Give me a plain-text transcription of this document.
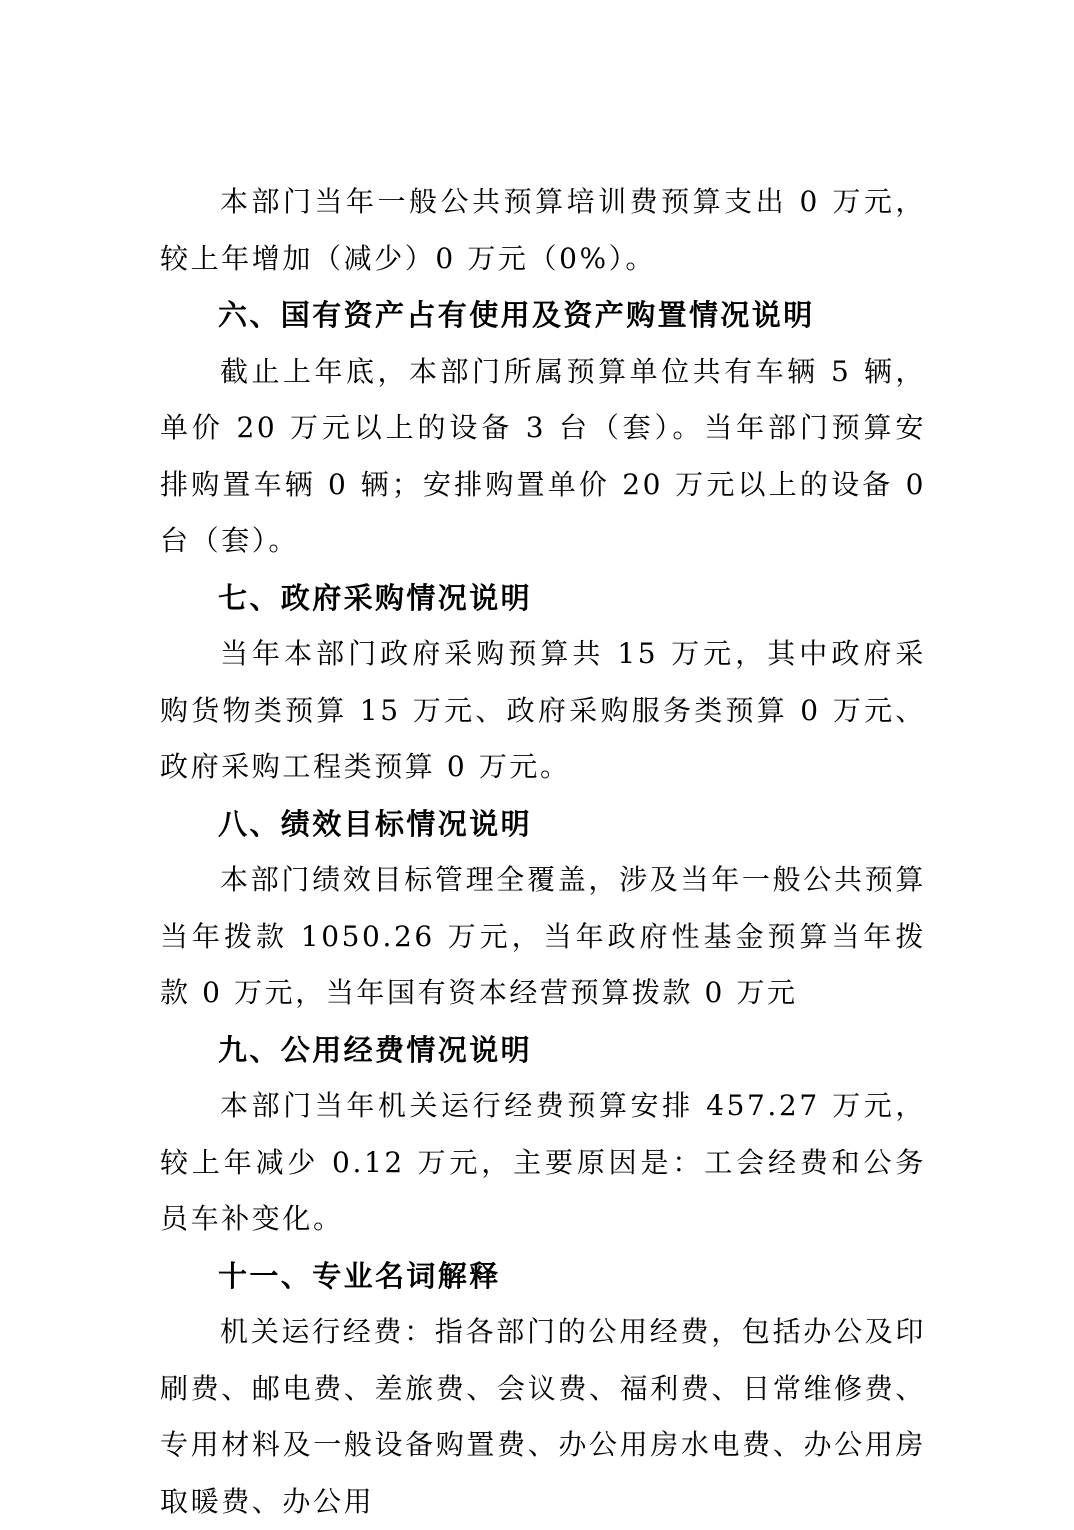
本部门当年一般公共预算培训费预算支出 0 万元，较上年增加（减少）0 万元（0%）。

六、国有资产占有使用及资产购置情况说明

截止上年底，本部门所属预算单位共有车辆 5 辆，单价 20 万元以上的设备 3 台（套）。当年部门预算安排购置车辆 0 辆；安排购置单价 20 万元以上的设备 0 台（套）。

七、政府采购情况说明

当年本部门政府采购预算共 15 万元，其中政府采购货物类预算 15 万元、政府采购服务类预算 0 万元、政府采购工程类预算 0 万元。

八、绩效目标情况说明

本部门绩效目标管理全覆盖，涉及当年一般公共预算当年拨款 1050.26 万元，当年政府性基金预算当年拨款 0 万元，当年国有资本经营预算拨款 0 万元

九、公用经费情况说明

本部门当年机关运行经费预算安排 457.27 万元，较上年减少 0.12 万元，主要原因是：工会经费和公务员车补变化。

十一、专业名词解释

机关运行经费：指各部门的公用经费，包括办公及印刷费、邮电费、差旅费、会议费、福利费、日常维修费、专用材料及一般设备购置费、办公用房水电费、办公用房取暖费、办公用
